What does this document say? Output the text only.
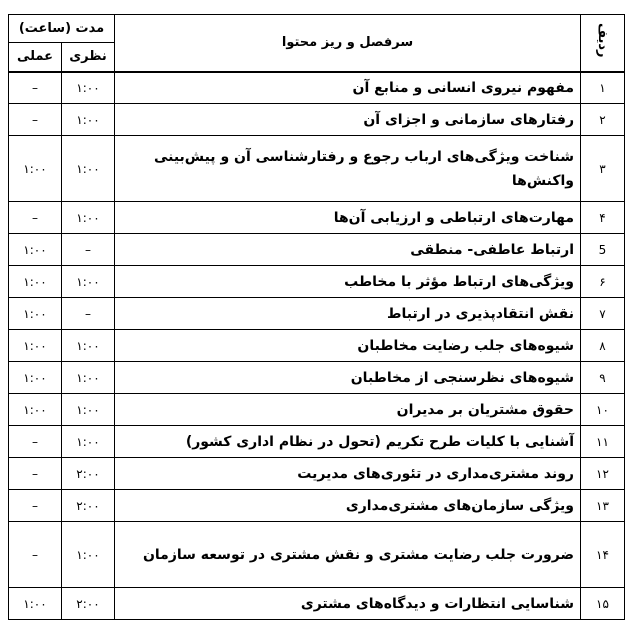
ردیف	سرفصل و ریز محتوا	مدت (ساعت)	
		نظری	عملی
۱	مفهوم نیروی انسانی و منابع آن	۱:۰۰	–
۲	رفتارهای سازمانی و اجزای آن	۱:۰۰	–
۳	شناخت ویژگی‌های ارباب رجوع و رفتارشناسی آن و پیش‌بینی واکنش‌ها	۱:۰۰	۱:۰۰
۴	مهارت‌های ارتباطی و ارزیابی آن‌ها	۱:۰۰	–
5	ارتباط عاطفی- منطقی	–	۱:۰۰
۶	ویژگی‌های ارتباط مؤثر با مخاطب	۱:۰۰	۱:۰۰
۷	نقش انتقادپذیری در ارتباط	–	۱:۰۰
۸	شیوه‌های جلب رضایت مخاطبان	۱:۰۰	۱:۰۰
۹	شیوه‌های نظرسنجی از مخاطبان	۱:۰۰	۱:۰۰
۱۰	حقوق مشتریان بر مدیران	۱:۰۰	۱:۰۰
۱۱	آشنایی با کلیات طرح تکریم (تحول در نظام اداری کشور)	۱:۰۰	–
۱۲	روند مشتری‌مداری در تئوری‌های مدیریت	۲:۰۰	–
۱۳	ویژگی سازمان‌های مشتری‌مداری	۲:۰۰	–
۱۴	ضرورت جلب رضایت مشتری و نقش مشتری در توسعه سازمان	۱:۰۰	–
۱۵	شناسایی انتظارات و دیدگاه‌های مشتری	۲:۰۰	۱:۰۰
